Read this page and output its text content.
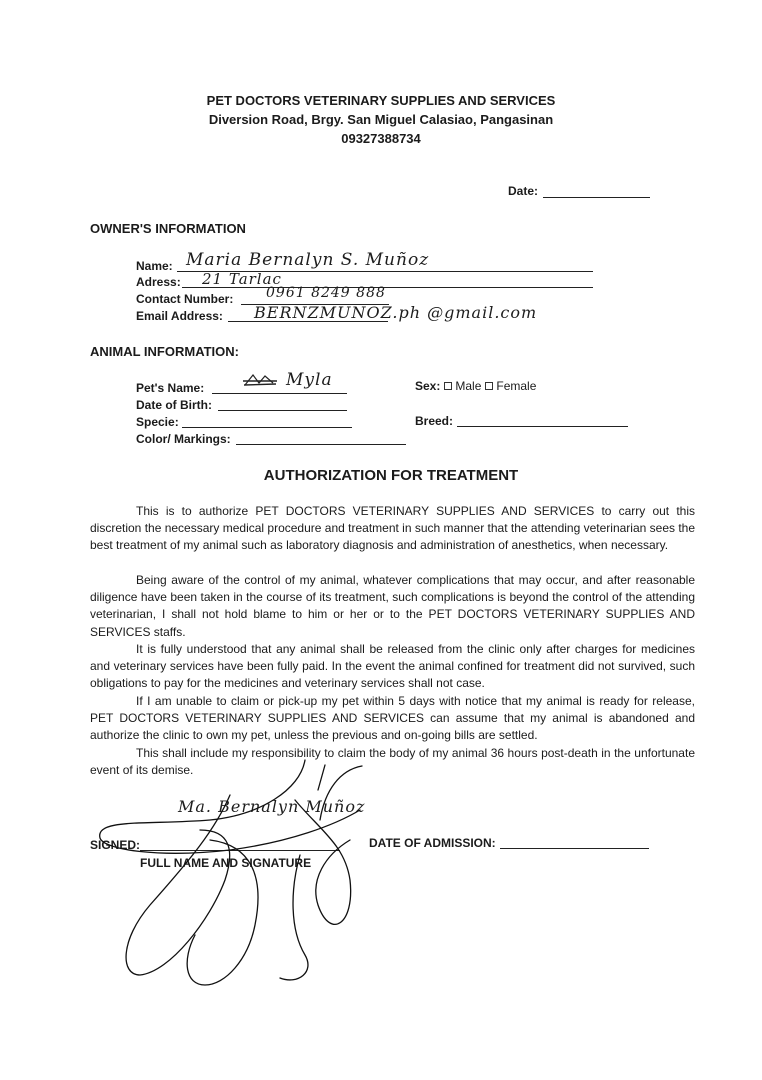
PET DOCTORS VETERINARY SUPPLIES AND SERVICES
Diversion Road, Brgy. San Miguel Calasiao, Pangasinan
09327388734
Date:
OWNER'S INFORMATION
Name: Maria Bernalyn S. Muñoz
Adress: 21 Tarlac
Contact Number: 0961 8249 888
Email Address: BERNZMUNOZ.ph @gmail.com
ANIMAL INFORMATION:
Pet's Name:	Myla
Date of Birth:
Specie:
Color/ Markings:
Sex: Male Female
Breed:
AUTHORIZATION FOR TREATMENT

This is to authorize PET DOCTORS VETERINARY SUPPLIES AND SERVICES to carry out this discretion the necessary medical procedure and treatment in such manner that the attending veterinarian sees the best treatment of my animal such as laboratory diagnosis and administration of anesthetics, when necessary.

Being aware of the control of my animal, whatever complications that may occur, and after reasonable diligence have been taken in the course of its treatment, such complications is beyond the control of the attending veterinarian, I shall not hold blame to him or her or to the PET DOCTORS VETERINARY SUPPLIES AND SERVICES staffs.

It is fully understood that any animal shall be released from the clinic only after charges for medicines and veterinary services have been fully paid. In the event the animal confined for treatment did not survived, such obligations to pay for the medicines and veterinary services shall not case.

If I am unable to claim or pick-up my pet within 5 days with notice that my animal is ready for release, PET DOCTORS VETERINARY SUPPLIES AND SERVICES can assume that my animal is abandoned and authorize the clinic to own my pet, unless the previous and on-going bills are settled.

This shall include my responsibility to claim the body of my animal 36 hours post-death in the unfortunate event of its demise.

Ma. Bernalyn Muñoz
SIGNED:
FULL NAME AND SIGNATURE
DATE OF ADMISSION:
